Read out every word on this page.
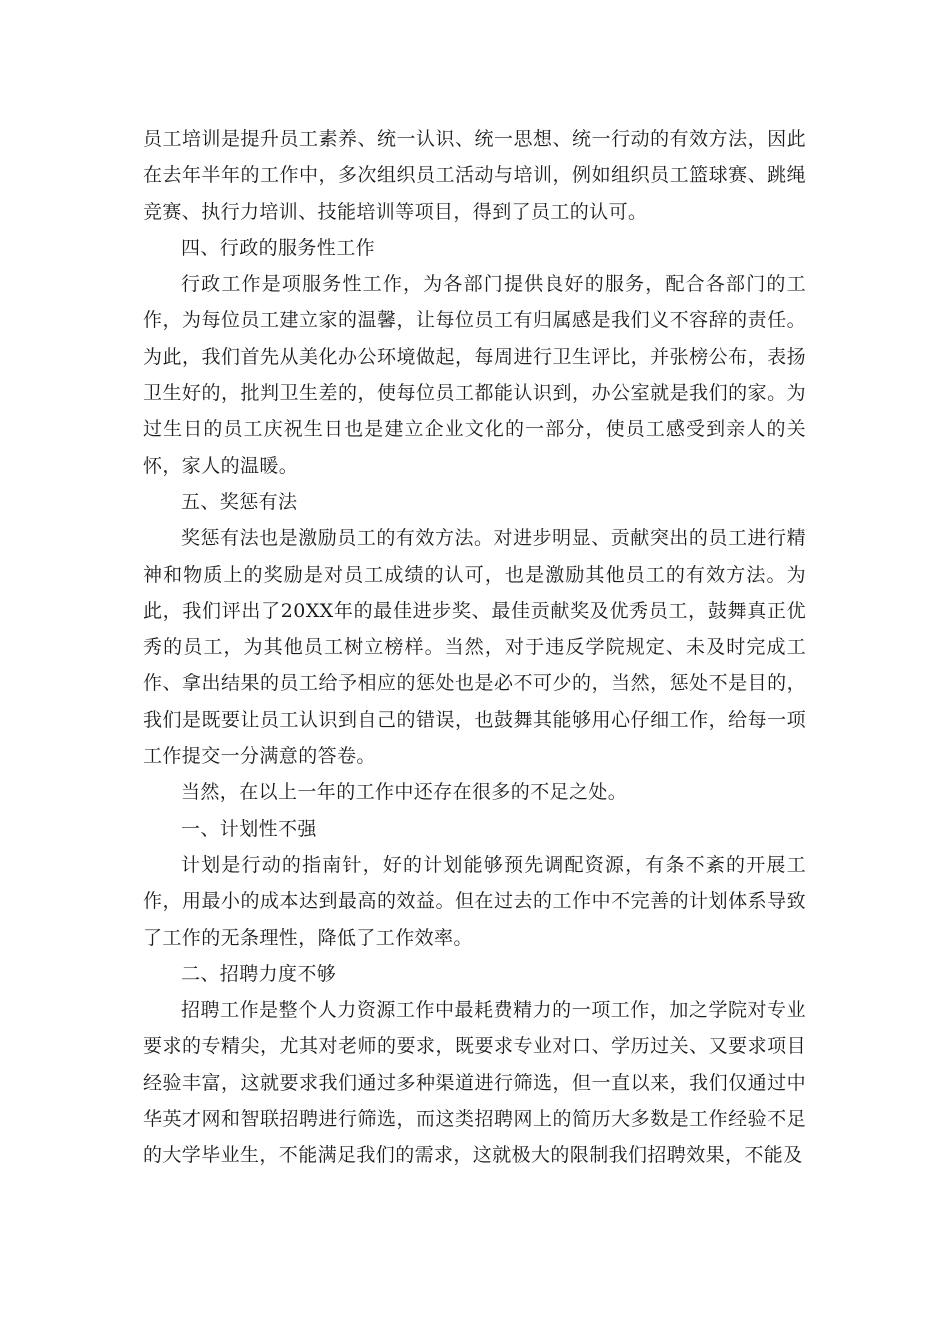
员工培训是提升员工素养、统一认识、统一思想、统一行动的有效方法，因此在去年半年的工作中，多次组织员工活动与培训，例如组织员工篮球赛、跳绳竞赛、执行力培训、技能培训等项目，得到了员工的认可。

四、行政的服务性工作

行政工作是项服务性工作，为各部门提供良好的服务，配合各部门的工作，为每位员工建立家的温馨，让每位员工有归属感是我们义不容辞的责任。为此，我们首先从美化办公环境做起，每周进行卫生评比，并张榜公布，表扬卫生好的，批判卫生差的，使每位员工都能认识到，办公室就是我们的家。为过生日的员工庆祝生日也是建立企业文化的一部分，使员工感受到亲人的关怀，家人的温暖。

五、奖惩有法

奖惩有法也是激励员工的有效方法。对进步明显、贡献突出的员工进行精神和物质上的奖励是对员工成绩的认可，也是激励其他员工的有效方法。为此，我们评出了20XX年的最佳进步奖、最佳贡献奖及优秀员工，鼓舞真正优秀的员工，为其他员工树立榜样。当然，对于违反学院规定、未及时完成工作、拿出结果的员工给予相应的惩处也是必不可少的，当然，惩处不是目的，我们是既要让员工认识到自己的错误，也鼓舞其能够用心仔细工作，给每一项工作提交一分满意的答卷。

当然，在以上一年的工作中还存在很多的不足之处。

一、计划性不强

计划是行动的指南针，好的计划能够预先调配资源，有条不紊的开展工作，用最小的成本达到最高的效益。但在过去的工作中不完善的计划体系导致了工作的无条理性，降低了工作效率。

二、招聘力度不够

招聘工作是整个人力资源工作中最耗费精力的一项工作，加之学院对专业要求的专精尖，尤其对老师的要求，既要求专业对口、学历过关、又要求项目经验丰富，这就要求我们通过多种渠道进行筛选，但一直以来，我们仅通过中华英才网和智联招聘进行筛选，而这类招聘网上的简历大多数是工作经验不足的大学毕业生，不能满足我们的需求，这就极大的限制我们招聘效果，不能及
